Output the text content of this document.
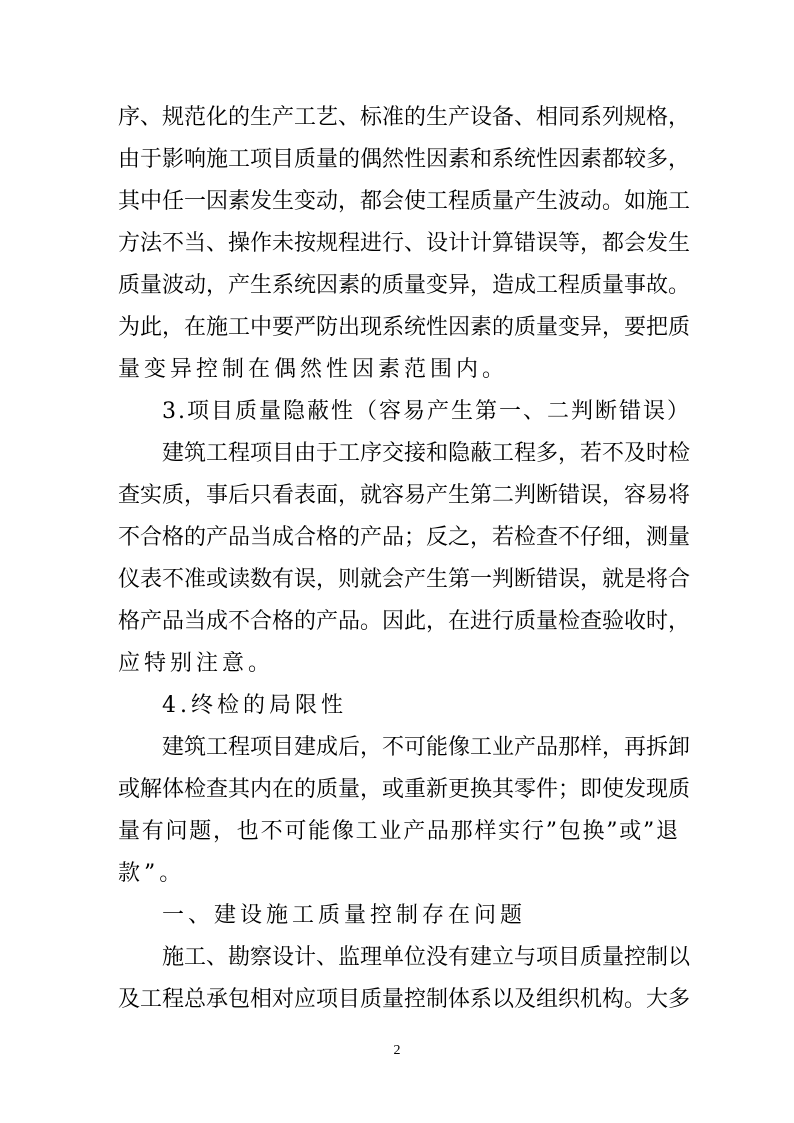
序、规范化的生产工艺、标准的生产设备、相同系列规格，
由于影响施工项目质量的偶然性因素和系统性因素都较多，
其中任一因素发生变动，都会使工程质量产生波动。如施工
方法不当、操作未按规程进行、设计计算错误等，都会发生
质量波动，产生系统因素的质量变异，造成工程质量事故。
为此，在施工中要严防出现系统性因素的质量变异，要把质
量变异控制在偶然性因素范围内。
3.项目质量隐蔽性（容易产生第一、二判断错误）
建筑工程项目由于工序交接和隐蔽工程多，若不及时检
查实质，事后只看表面，就容易产生第二判断错误，容易将
不合格的产品当成合格的产品；反之，若检查不仔细，测量
仪表不准或读数有误，则就会产生第一判断错误，就是将合
格产品当成不合格的产品。因此，在进行质量检查验收时，
应特别注意。
4.终检的局限性
建筑工程项目建成后，不可能像工业产品那样，再拆卸
或解体检查其内在的质量，或重新更换其零件；即使发现质
量有问题，也不可能像工业产品那样实行”包换”或”退
款”。
一、建设施工质量控制存在问题
施工、勘察设计、监理单位没有建立与项目质量控制以
及工程总承包相对应项目质量控制体系以及组织机构。大多
2
